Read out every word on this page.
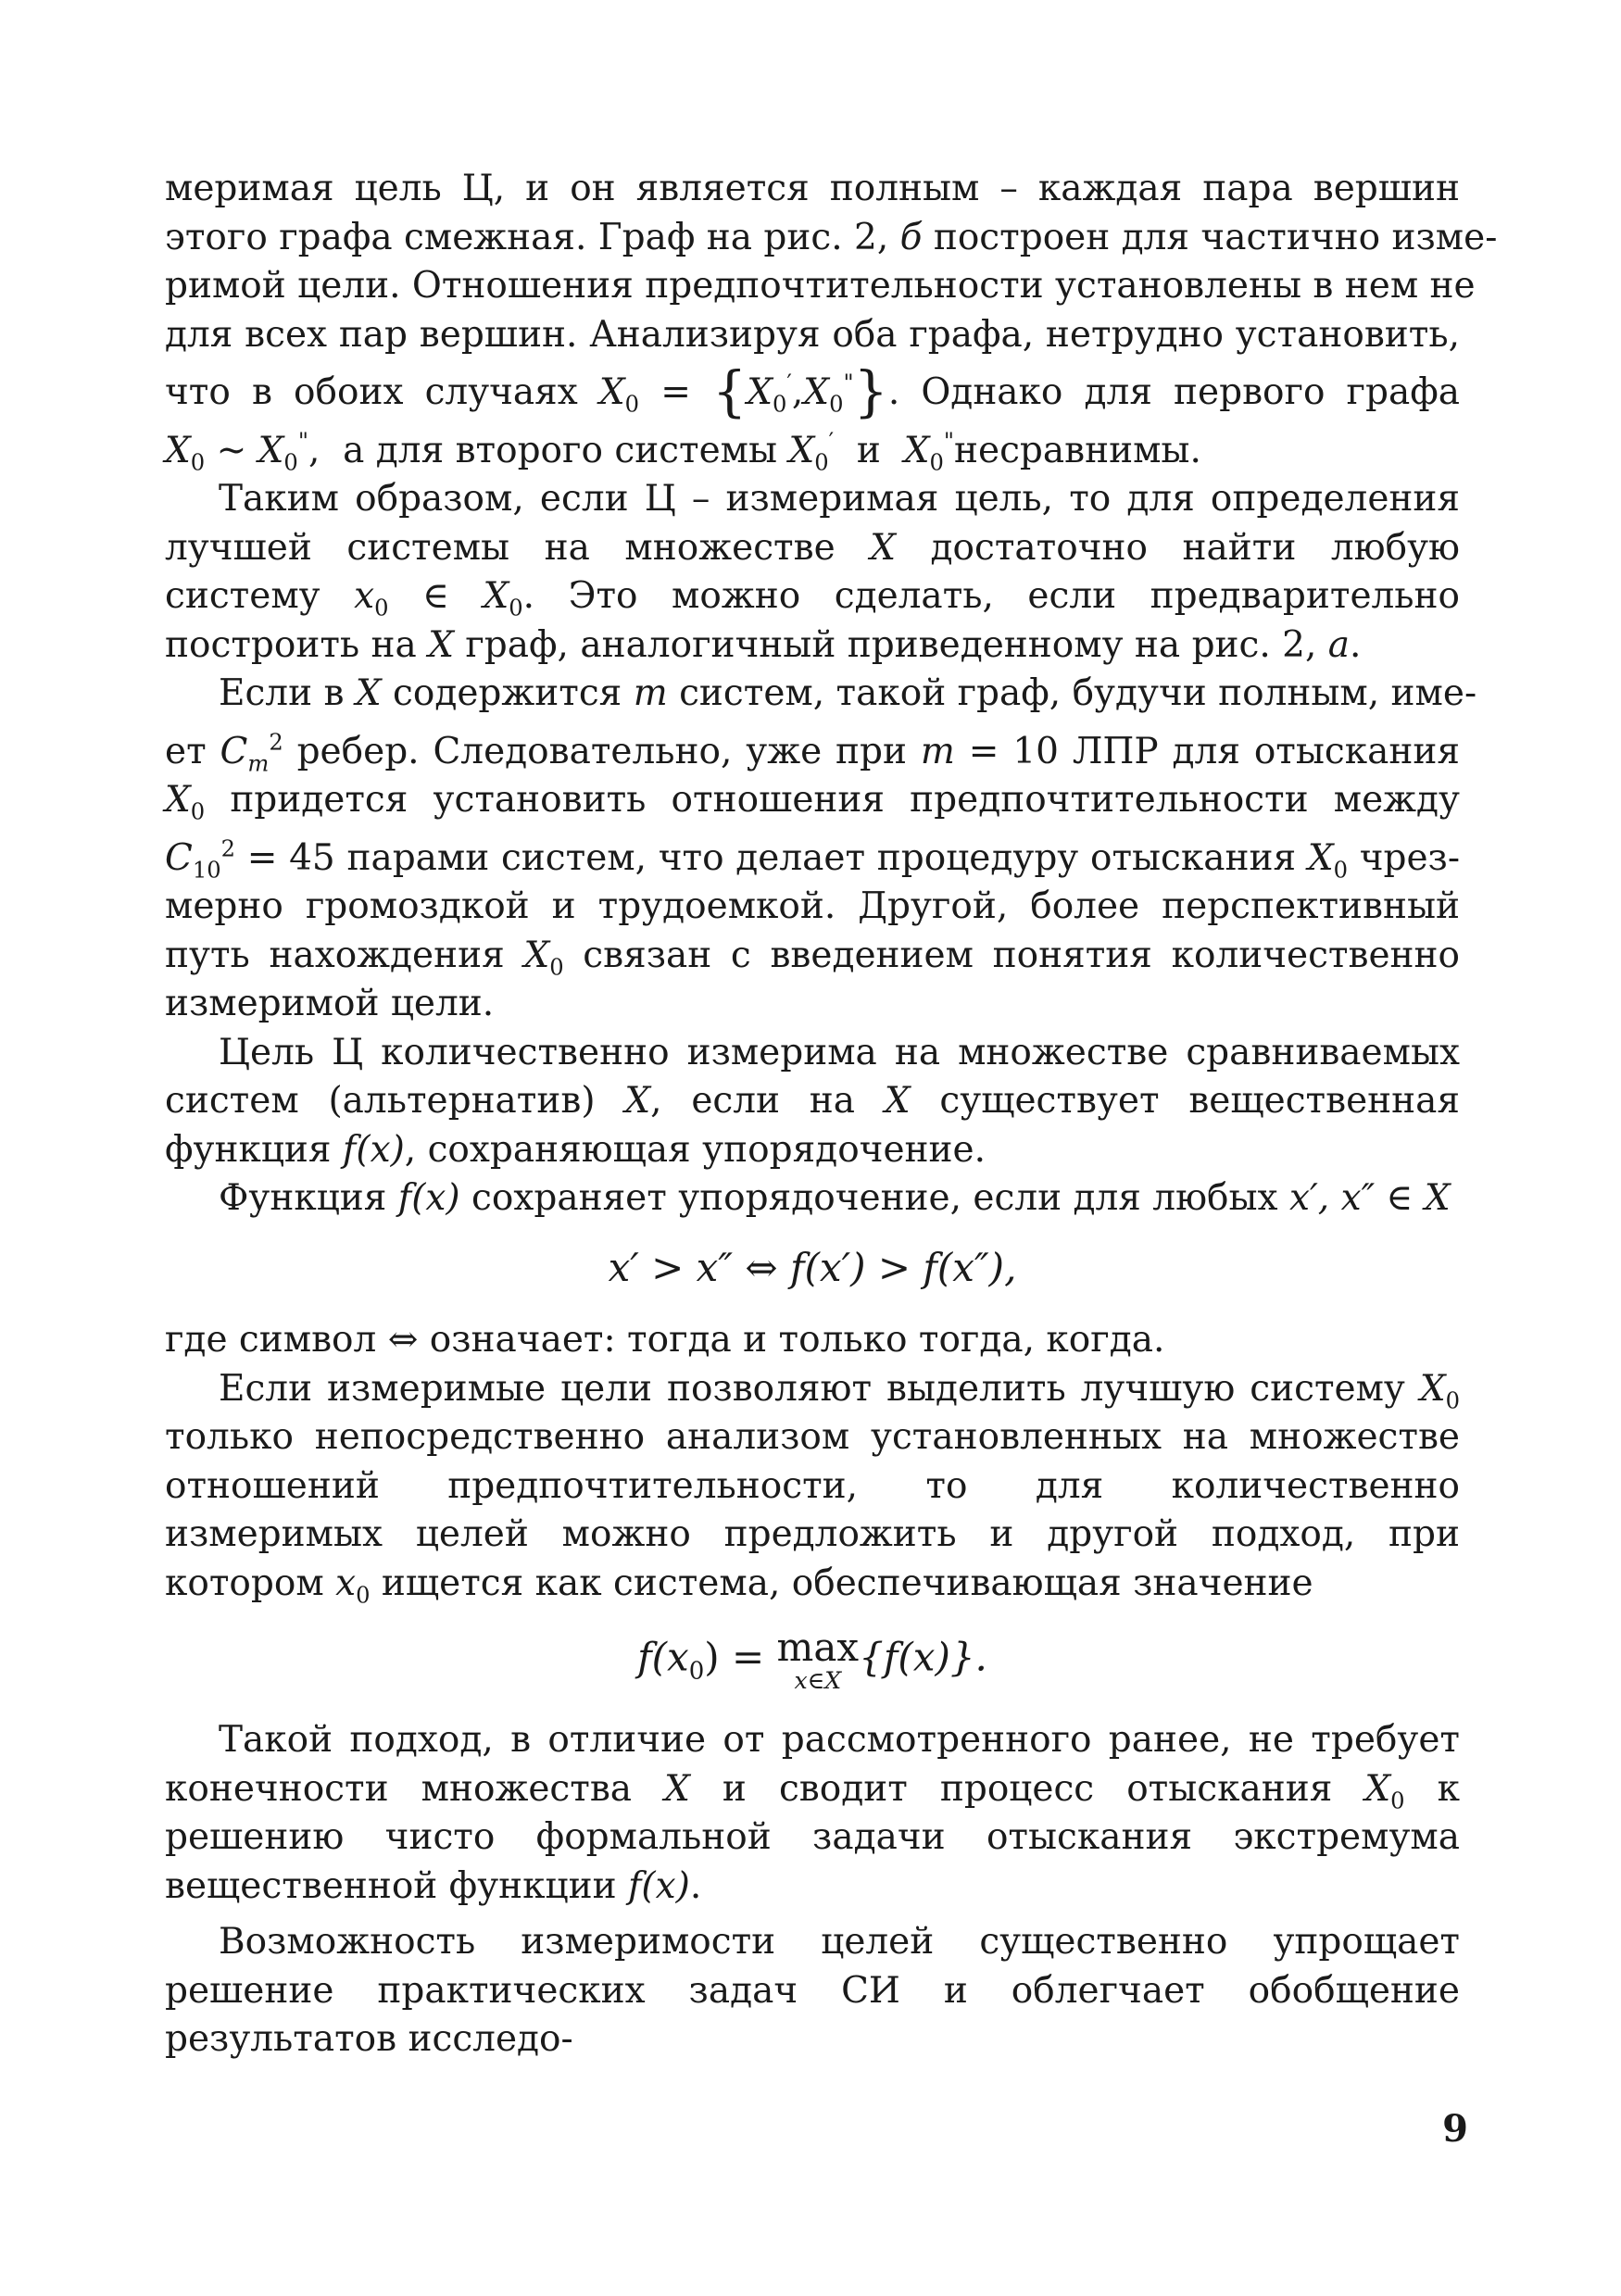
меримая цель Ц, и он является полным – каждая пара вершин
этого графа смежная. Граф на рис. 2, б построен для частично изме-
римой цели. Отношения предпочтительности установлены в нем не
для всех пар вершин. Анализируя оба графа, нетрудно установить,
что в обоих случаях $X_0 = \{X_0',X_0^"\}$. Однако для первого графа
$X_0$ ~ $X_0^"$, а для второго системы $X_0'$ и $X_0^"несравнимы$.

Таким образом, если Ц – измеримая цель, то для определения лучшей системы на множестве X достаточно найти любую систему $x_0$ ∈ $X_0$. Это можно сделать, если предварительно построить на X граф, аналогичный приведенному на рис. 2, а.

Если в X содержится m систем, такой граф, будучи полным, име-
ет $C_m^2$ ребер. Следовательно, уже при m = 10 ЛПР для отыскания
$X_0$ придется установить отношения предпочтительности между
$C_{10}^2 = 45$ парами систем, что делает процедуру отыскания $X_0$ чрез-

мерно громоздкой и трудоемкой. Другой, более перспективный путь нахождения $X_0$ связан с введением понятия количественно измеримой цели.

Цель Ц количественно измерима на множестве сравниваемых систем (альтернатив) X, если на X существует вещественная функция f(x), сохраняющая упорядочение.

Функция f(x) сохраняет упорядочение, если для любых x′, x″ ∈ X

x′ > x″ ⇔ f(x′) > f(x″),

где символ ⇔ означает: тогда и только тогда, когда.

Если измеримые цели позволяют выделить лучшую систему $X_0$ только непосредственно анализом установленных на множестве отношений предпочтительности, то для количественно измеримых целей можно предложить и другой подход, при котором $x_0$ ищется как система, обеспечивающая значение

$f(x_0) = \max$
x∈X
{f(x)}.

Такой подход, в отличие от рассмотренного ранее, не требует конечности множества X и сводит процесс отыскания $X_0$ к решению чисто формальной задачи отыскания экстремума вещественной функции f(x).

Возможность измеримости целей существенно упрощает решение практических задач СИ и облегчает обобщение результатов исследо-

9
